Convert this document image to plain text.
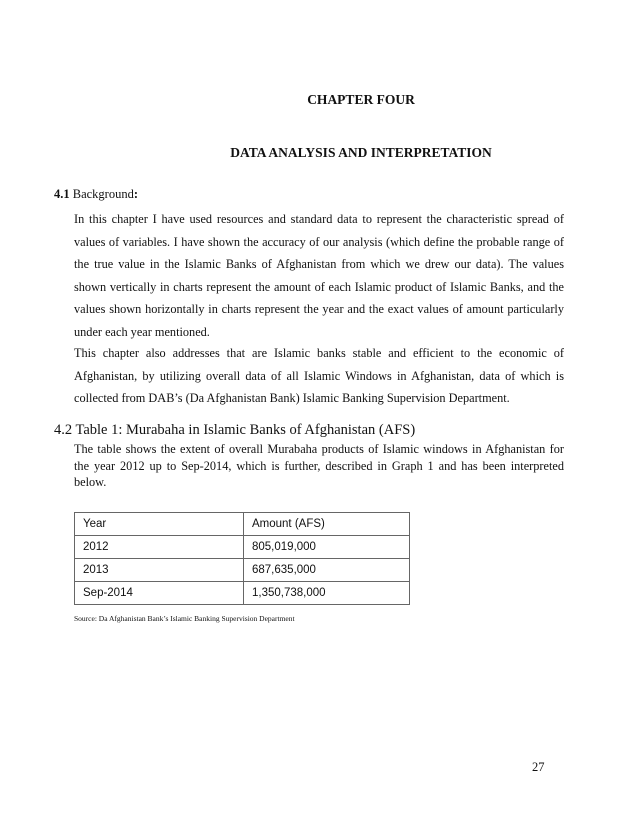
CHAPTER FOUR
DATA ANALYSIS AND INTERPRETATION
4.1 Background:
In this chapter I have used resources and standard data to represent the characteristic spread of values of variables. I have shown the accuracy of our analysis (which define the probable range of the true value in the Islamic Banks of Afghanistan from which we drew our data). The values shown vertically in charts represent the amount of each Islamic product of Islamic Banks, and the values shown horizontally in charts represent the year and the exact values of amount particularly under each year mentioned.
This chapter also addresses that are Islamic banks stable and efficient to the economic of Afghanistan, by utilizing overall data of all Islamic Windows in Afghanistan, data of which is collected from DAB’s (Da Afghanistan Bank) Islamic Banking Supervision Department.
4.2 Table 1: Murabaha in Islamic Banks of Afghanistan (AFS)
The table shows the extent of overall Murabaha products of Islamic windows in Afghanistan for the year 2012 up to Sep-2014, which is further, described in Graph 1 and has been interpreted below.
Year	Amount (AFS)
2012	805,019,000
2013	687,635,000
Sep-2014	1,350,738,000
Source: Da Afghanistan Bank’s Islamic Banking Supervision Department
27
